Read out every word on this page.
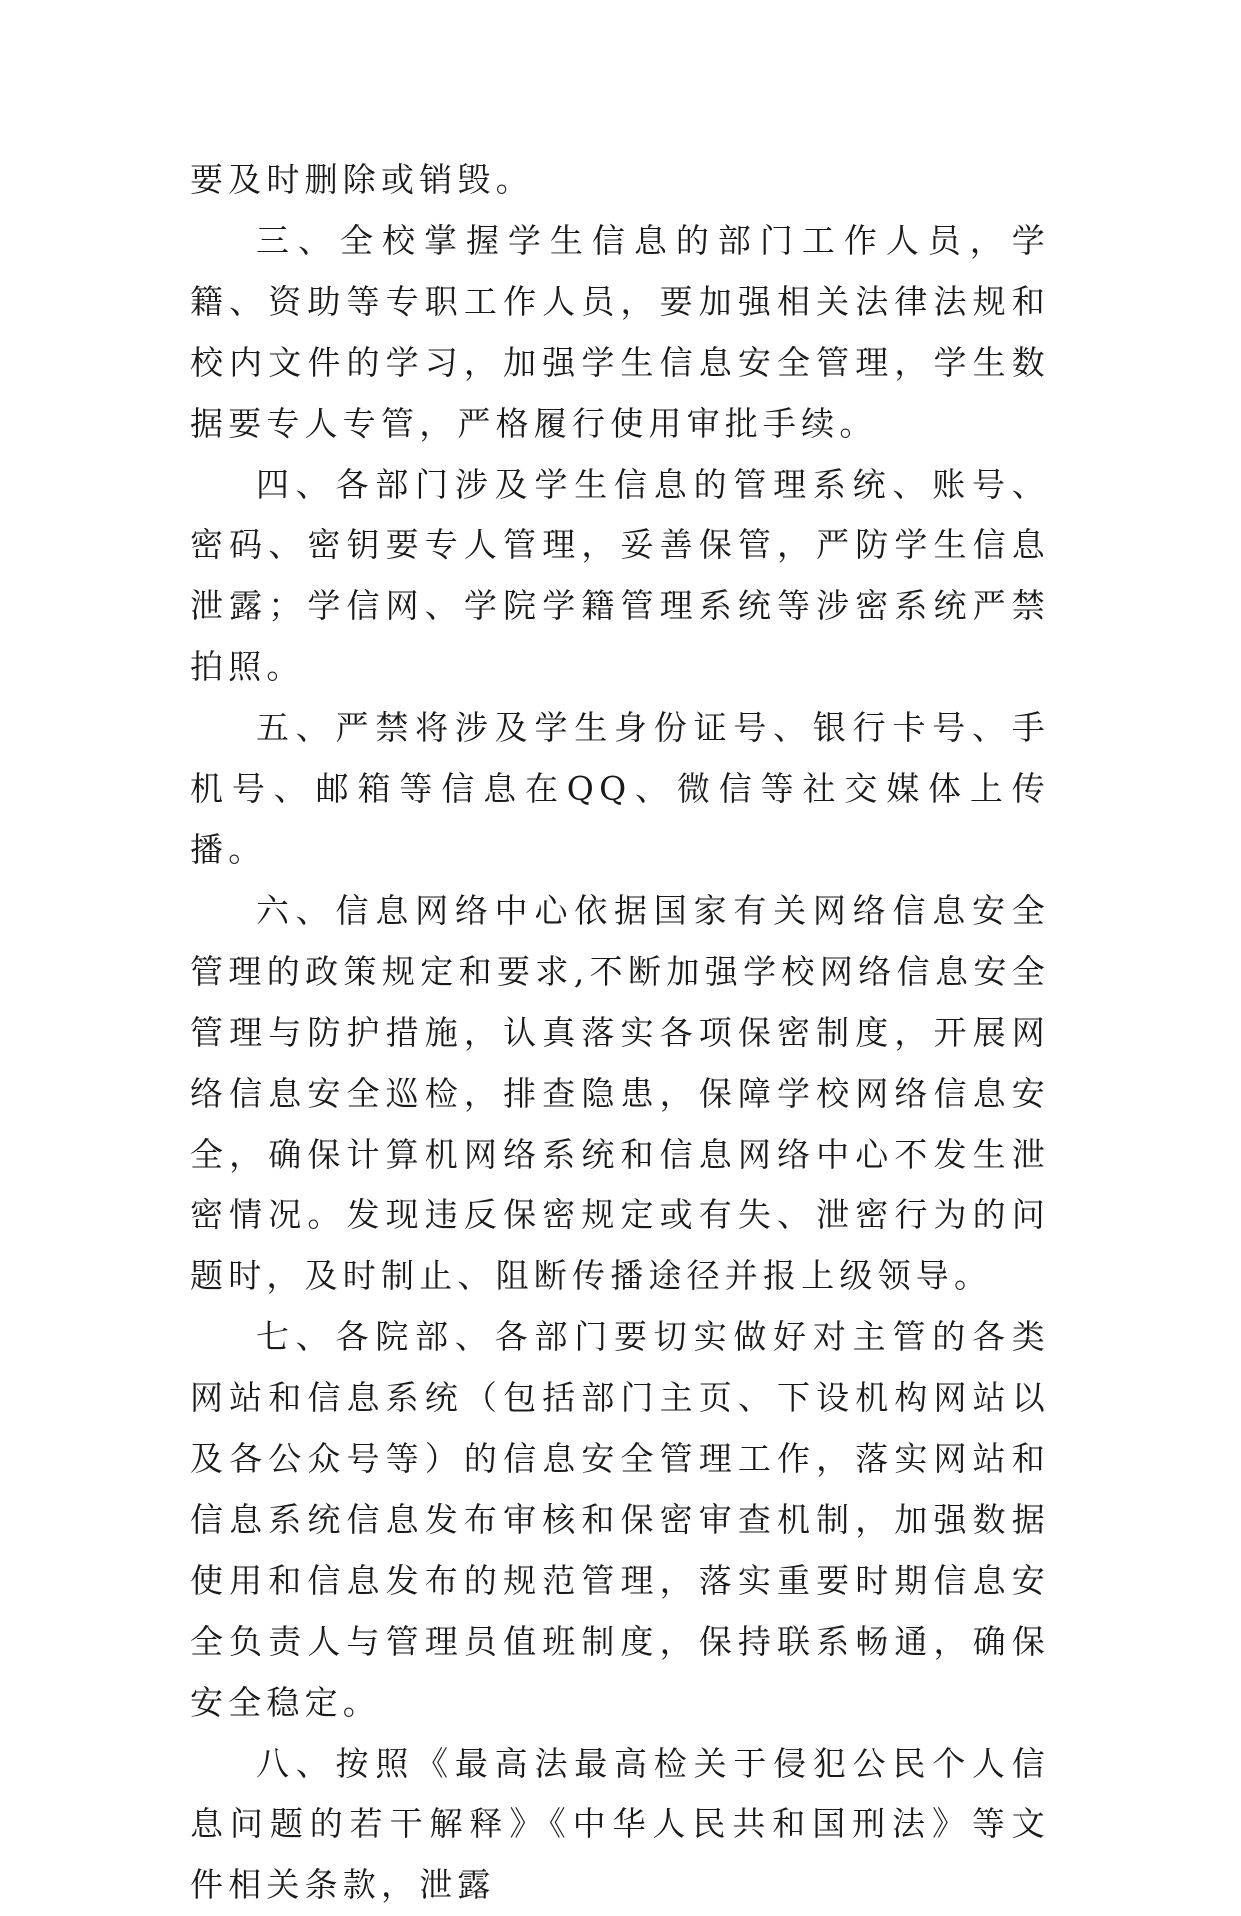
要及时删除或销毁。

三、全校掌握学生信息的部门工作人员，学籍、资助等专职工作人员，要加强相关法律法规和校内文件的学习，加强学生信息安全管理，学生数据要专人专管，严格履行使用审批手续。

四、各部门涉及学生信息的管理系统、账号、密码、密钥要专人管理，妥善保管，严防学生信息泄露；学信网、学院学籍管理系统等涉密系统严禁拍照。

五、严禁将涉及学生身份证号、银行卡号、手机号、邮箱等信息在QQ、微信等社交媒体上传播。

六、信息网络中心依据国家有关网络信息安全管理的政策规定和要求,不断加强学校网络信息安全管理与防护措施，认真落实各项保密制度，开展网络信息安全巡检，排查隐患，保障学校网络信息安全，确保计算机网络系统和信息网络中心不发生泄密情况。发现违反保密规定或有失、泄密行为的问题时，及时制止、阻断传播途径并报上级领导。

七、各院部、各部门要切实做好对主管的各类网站和信息系统（包括部门主页、下设机构网站以及各公众号等）的信息安全管理工作，落实网站和信息系统信息发布审核和保密审查机制，加强数据使用和信息发布的规范管理，落实重要时期信息安全负责人与管理员值班制度，保持联系畅通，确保安全稳定。

八、按照《最高法最高检关于侵犯公民个人信息问题的若干解释》《中华人民共和国刑法》等文件相关条款，泄露
